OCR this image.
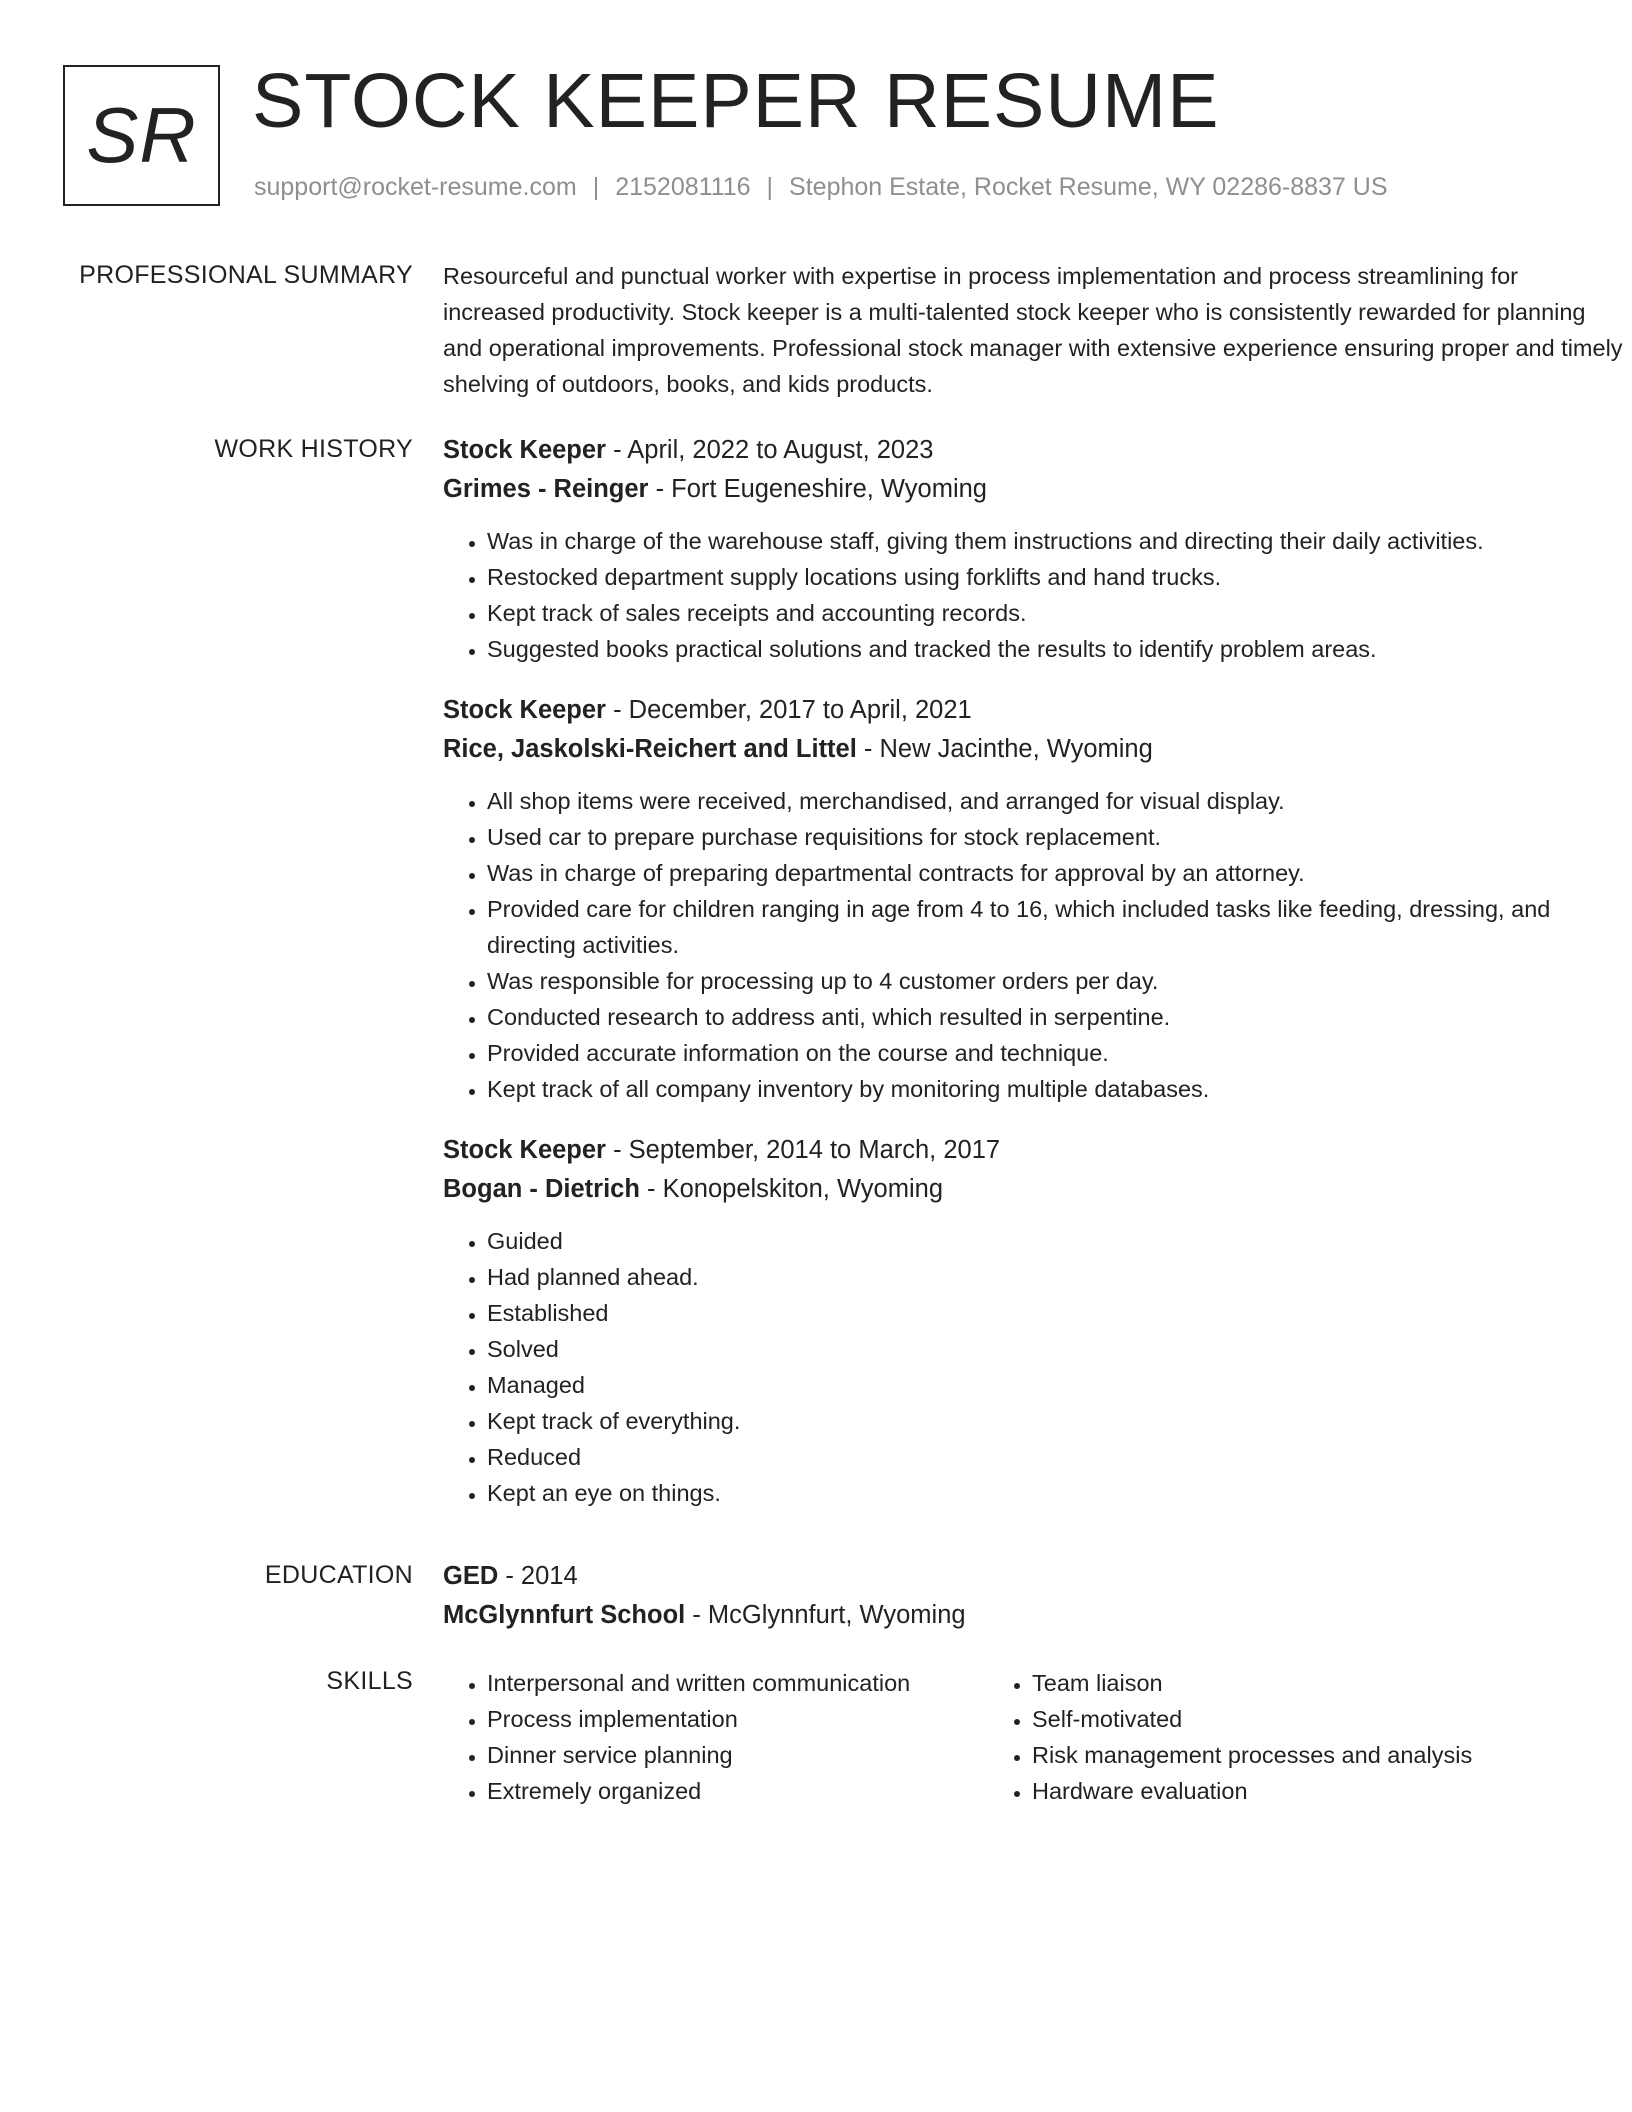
SR STOCK KEEPER RESUME
support@rocket-resume.com | 2152081116 | Stephon Estate, Rocket Resume, WY 02286-8837 US
PROFESSIONAL SUMMARY Resourceful and punctual worker with expertise in process implementation and process streamlining for increased productivity. Stock keeper is a multi-talented stock keeper who is consistently rewarded for planning and operational improvements. Professional stock manager with extensive experience ensuring proper and timely shelving of outdoors, books, and kids products.

WORK HISTORY Stock Keeper - April, 2022 to August, 2023
Grimes - Reinger - Fort Eugeneshire, Wyoming
• Was in charge of the warehouse staff, giving them instructions and directing their daily activities.
• Restocked department supply locations using forklifts and hand trucks.
• Kept track of sales receipts and accounting records.
• Suggested books practical solutions and tracked the results to identify problem areas.
Stock Keeper - December, 2017 to April, 2021
Rice, Jaskolski-Reichert and Littel - New Jacinthe, Wyoming
• All shop items were received, merchandised, and arranged for visual display.
• Used car to prepare purchase requisitions for stock replacement.
• Was in charge of preparing departmental contracts for approval by an attorney.
• Provided care for children ranging in age from 4 to 16, which included tasks like feeding, dressing, and directing activities.
• Was responsible for processing up to 4 customer orders per day.
• Conducted research to address anti, which resulted in serpentine.
• Provided accurate information on the course and technique.
• Kept track of all company inventory by monitoring multiple databases.
Stock Keeper - September, 2014 to March, 2017
Bogan - Dietrich - Konopelskiton, Wyoming
• Guided
• Had planned ahead.
• Established
• Solved
• Managed
• Kept track of everything.
• Reduced
• Kept an eye on things.
EDUCATION GED - 2014
McGlynnfurt School - McGlynnfurt, Wyoming
SKILLS
•	Interpersonal and written communication
• Process implementation
• Dinner service planning
• Extremely organized
• Team liaison
• Self-motivated
• Risk management processes and analysis
• Hardware evaluation
